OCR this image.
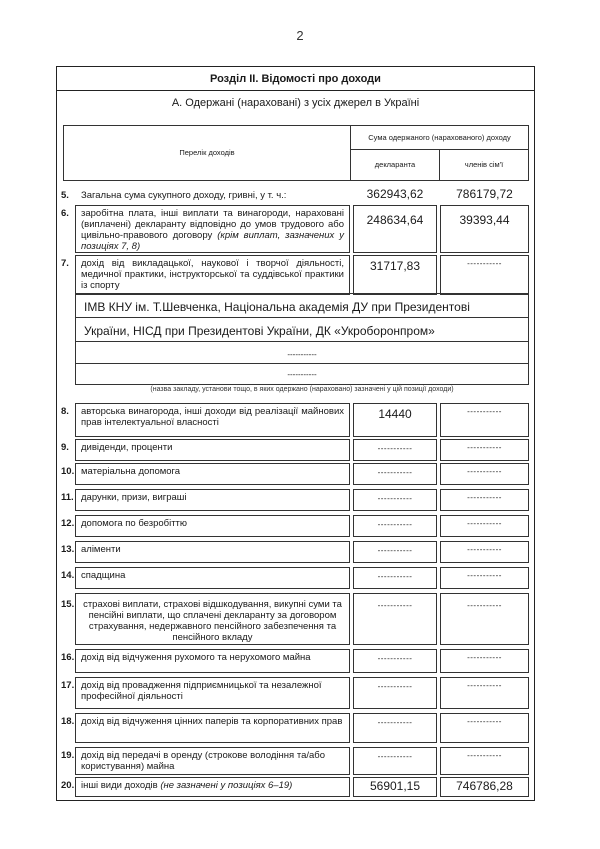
2
Розділ ІІ. Відомості про доходи
А. Одержані (нараховані) з усіх джерел в Україні
Перелік доходів
Сума одержаного (нарахованого) доходу
декларанта	членів сім'ї
5. Загальна сума сукупного доходу, гривні, у т. ч.:	362943,62	786179,72
6. заробітна плата, інші виплати та винагороди, нараховані (виплачені) декларанту відповідно до умов трудового або цивільно-правового договору (крім виплат, зазначених у позиціях 7, 8)
248634,64	39393,44
7. дохід від викладацької, наукової і творчої діяльності, медичної практики, інструкторської та суддівської практики із спорту
31717,83	-----------
ІМВ КНУ ім. Т.Шевченка, Національна академія ДУ при Президентові
України, НІСД при Президентові України, ДК «Укроборонпром»
-----------
-----------
(назва закладу, установи тощо, в яких одержано (нараховано) зазначені у цій позиції доходи)
8. авторська винагорода, інші доходи від реалізації майнових прав інтелектуальної власності
14440	-----------
9. дивіденди, проценти	-----------	-----------
10. матеріальна допомога	-----------	-----------
11. дарунки, призи, виграші	-----------	-----------
12. допомога по безробіттю	-----------	-----------
13. аліменти	-----------	-----------
14. спадщина	-----------	-----------
15. страхові виплати, страхові відшкодування, викупні суми та пенсійні виплати, що сплачені декларанту за договором страхування, недержавного пенсійного забезпечення та пенсійного вкладу
-----------	-----------
16. дохід від відчуження рухомого та нерухомого майна	-----------	-----------
17. дохід від провадження підприємницької та незалежної професійної діяльності
-----------	-----------
18. дохід від відчуження цінних паперів та корпоративних прав	-----------	-----------
19. дохід від передачі в оренду (строкове володіння та/або користування) майна
-----------	-----------
20. інші види доходів (не зазначені у позиціях 6–19)	56901,15	746786,28
